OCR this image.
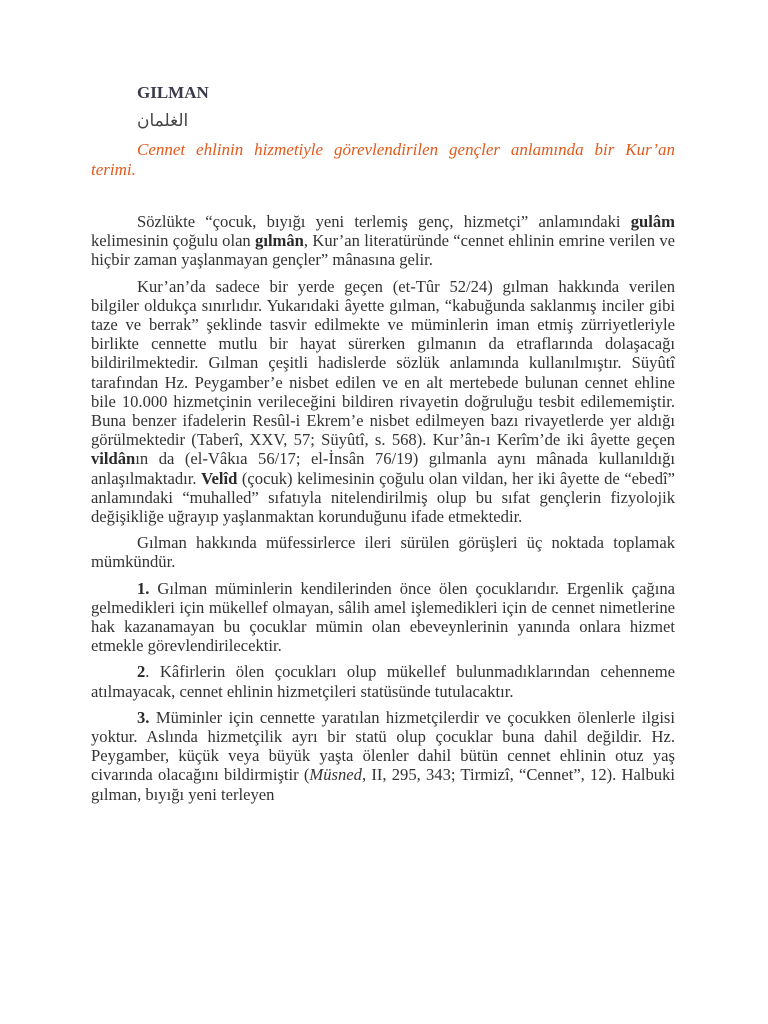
GILMAN
الغلمان

Cennet ehlinin hizmetiyle görevlendirilen gençler anlamında bir Kur’an terimi.

Sözlükte “çocuk, bıyığı yeni terlemiş genç, hizmetçi” anlamındaki gulâm kelimesinin çoğulu olan gılmân, Kur’an literatüründe “cennet ehlinin emrine verilen ve hiçbir zaman yaşlanmayan gençler” mânasına gelir.

Kur’an’da sadece bir yerde geçen (et-Tûr 52/24) gılman hakkında verilen bilgiler oldukça sınırlıdır. Yukarıdaki âyette gılman, “kabuğunda saklanmış inciler gibi taze ve berrak” şeklinde tasvir edilmekte ve müminlerin iman etmiş zürriyetleriyle birlikte cennette mutlu bir hayat sürerken gılmanın da etraflarında dolaşacağı bildirilmektedir. Gılman çeşitli hadislerde sözlük anlamında kullanılmıştır. Süyûtî tarafından Hz. Peygamber’e nisbet edilen ve en alt mertebede bulunan cennet ehline bile 10.000 hizmetçinin verileceğini bildiren rivayetin doğruluğu tesbit edilememiştir. Buna benzer ifadelerin Resûl-i Ekrem’e nisbet edilmeyen bazı rivayetlerde yer aldığı görülmektedir (Taberî, XXV, 57; Süyûtî, s. 568). Kur’ân-ı Kerîm’de iki âyette geçen vildânın da (el-Vâkıa 56/17; el-İnsân 76/19) gılmanla aynı mânada kullanıldığı anlaşılmaktadır. Velîd (çocuk) kelimesinin çoğulu olan vildan, her iki âyette de “ebedî” anlamındaki “muhalled” sıfatıyla nitelendirilmiş olup bu sıfat gençlerin fizyolojik değişikliğe uğrayıp yaşlanmaktan korunduğunu ifade etmektedir.

Gılman hakkında müfessirlerce ileri sürülen görüşleri üç noktada toplamak mümkündür.

1. Gılman müminlerin kendilerinden önce ölen çocuklarıdır. Ergenlik çağına gelmedikleri için mükellef olmayan, sâlih amel işlemedikleri için de cennet nimetlerine hak kazanamayan bu çocuklar mümin olan ebeveynlerinin yanında onlara hizmet etmekle görevlendirilecektir.

2. Kâfirlerin ölen çocukları olup mükellef bulunmadıklarından cehenneme atılmayacak, cennet ehlinin hizmetçileri statüsünde tutulacaktır.

3. Müminler için cennette yaratılan hizmetçilerdir ve çocukken ölenlerle ilgisi yoktur. Aslında hizmetçilik ayrı bir statü olup çocuklar buna dahil değildir. Hz. Peygamber, küçük veya büyük yaşta ölenler dahil bütün cennet ehlinin otuz yaş civarında olacağını bildirmiştir (Müsned, II, 295, 343; Tirmizî, “Cennet”, 12). Halbuki gılman, bıyığı yeni terleyen
